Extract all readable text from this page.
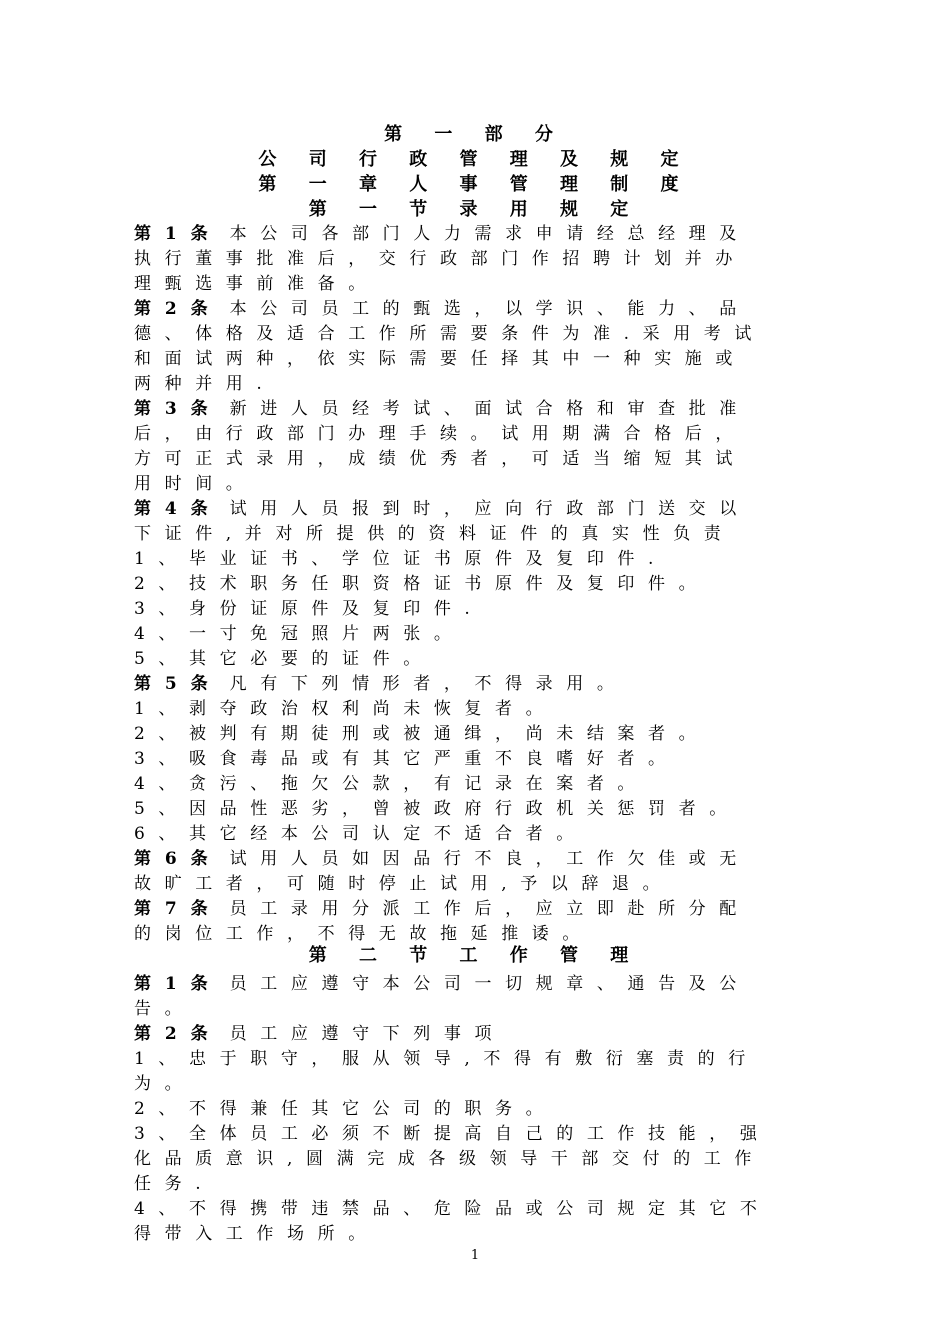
第 一 部 分
公 司 行 政 管 理 及 规 定
第 一 章 人 事 管 理 制 度
第 一 节 录 用 规 定
第 二 节 工 作 管 理
第 1 条 本公司各部门人力需求申请经总经理及
执行董事批准后，交行政部门作招聘计划并办
理甄选事前准备。
第 2 条 本公司员工的甄选，以学识、能力、品
德、体格及适合工作所需要条件为准.采用考试
和面试两种，依实际需要任择其中一种实施或
两种并用.
第 3 条 新进人员经考试、面试合格和审查批准
后，由行政部门办理手续。试用期满合格后，
方可正式录用，成绩优秀者，可适当缩短其试
用时间。
第 4 条 试用人员报到时，应向行政部门送交以
下证件,并对所提供的资料证件的真实性负责
1、毕业证书、学位证书原件及复印件.
2、技术职务任职资格证书原件及复印件。
3、身份证原件及复印件.
4、一寸免冠照片两张。
5、其它必要的证件。
第 5 条 凡有下列情形者，不得录用。
1、剥夺政治权利尚未恢复者。
2、被判有期徒刑或被通缉，尚未结案者。
3、吸食毒品或有其它严重不良嗜好者。
4、贪污、拖欠公款，有记录在案者。
5、因品性恶劣，曾被政府行政机关惩罚者。
6、其它经本公司认定不适合者。
第 6 条 试用人员如因品行不良，工作欠佳或无
故旷工者，可随时停止试用,予以辞退。
第 7 条 员工录用分派工作后，应立即赴所分配
的岗位工作，不得无故拖延推诿。
第 1 条 员工应遵守本公司一切规章、通告及公
告。
第 2 条 员工应遵守下列事项
1、忠于职守，服从领导,不得有敷衍塞责的行
为。
2、不得兼任其它公司的职务。
3、全体员工必须不断提高自己的工作技能，强
化品质意识,圆满完成各级领导干部交付的工作
任务.
4、不得携带违禁品、危险品或公司规定其它不
得带入工作场所。
1
